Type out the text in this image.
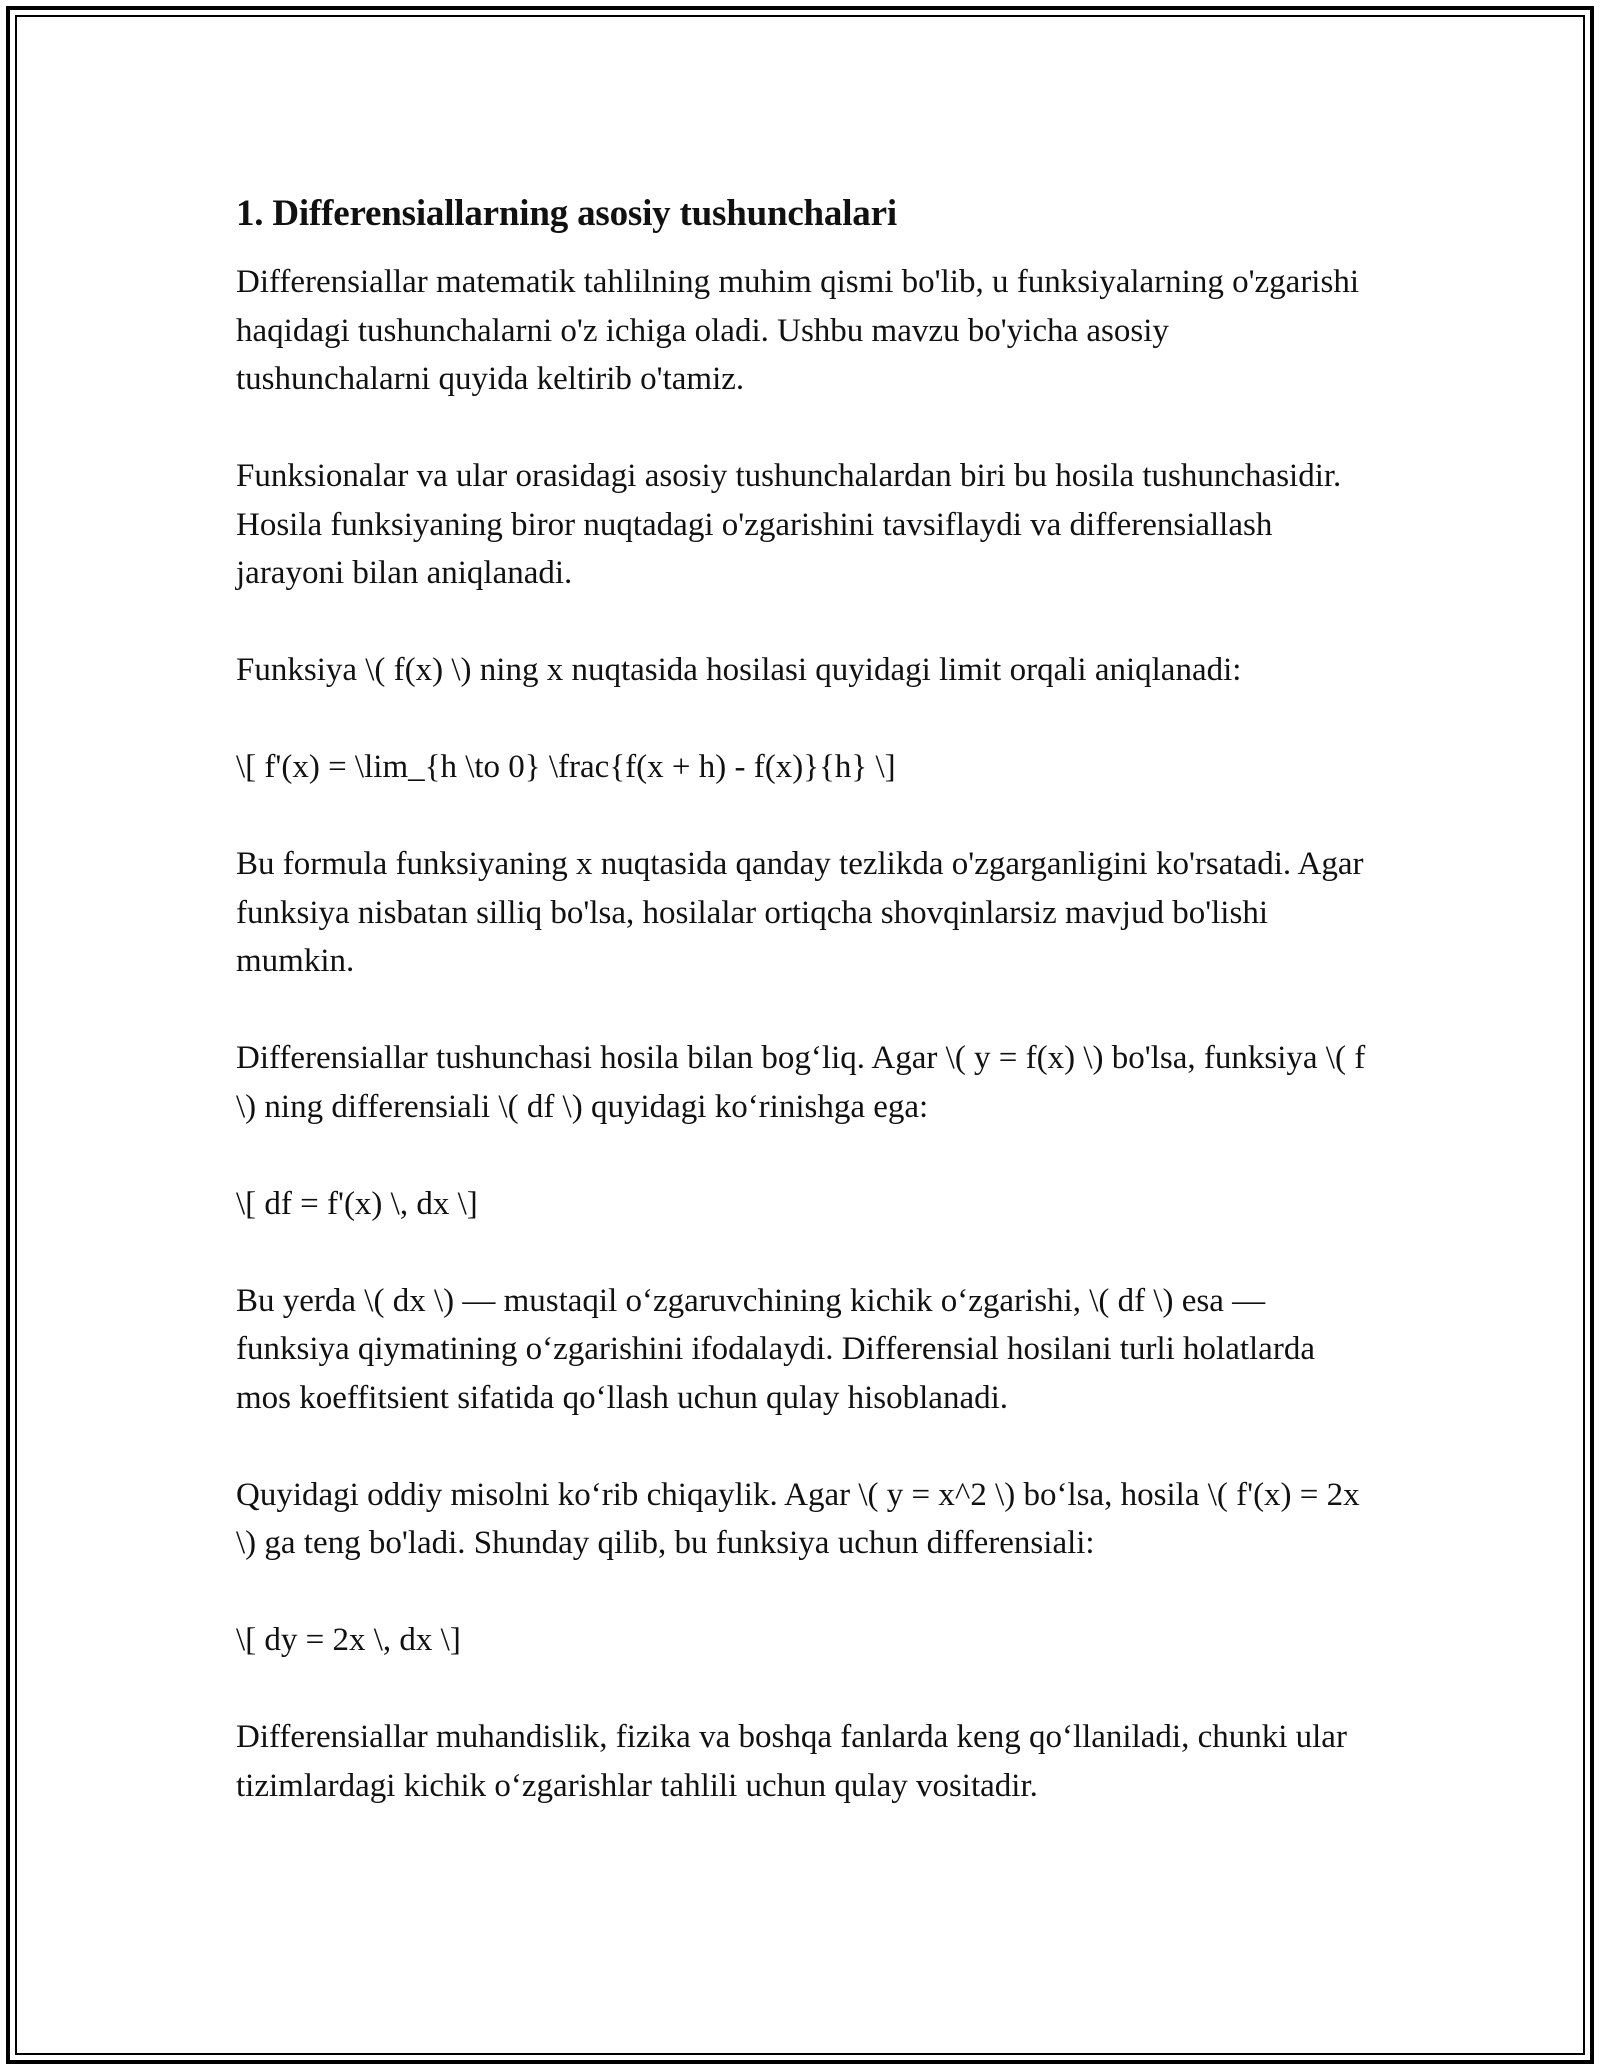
1. Differensiallarning asosiy tushunchalari

Differensiallar matematik tahlilning muhim qismi bo'lib, u funksiyalarning o'zgarishi haqidagi tushunchalarni o'z ichiga oladi. Ushbu mavzu bo'yicha asosiy tushunchalarni quyida keltirib o'tamiz.

Funksionalar va ular orasidagi asosiy tushunchalardan biri bu hosila tushunchasidir. Hosila funksiyaning biror nuqtadagi o'zgarishini tavsiflaydi va differensiallash jarayoni bilan aniqlanadi.

Funksiya \( f(x) \) ning x nuqtasida hosilasi quyidagi limit orqali aniqlanadi:

\[ f'(x) = \lim_{h \to 0} \frac{f(x + h) - f(x)}{h} \]

Bu formula funksiyaning x nuqtasida qanday tezlikda o'zgarganligini ko'rsatadi. Agar funksiya nisbatan silliq bo'lsa, hosilalar ortiqcha shovqinlarsiz mavjud bo'lishi mumkin.

Differensiallar tushunchasi hosila bilan bog‘liq. Agar \( y = f(x) \) bo'lsa, funksiya \( f \) ning differensiali \( df \) quyidagi ko‘rinishga ega:

\[ df = f'(x) \, dx \]

Bu yerda \( dx \) — mustaqil o‘zgaruvchining kichik o‘zgarishi, \( df \) esa — funksiya qiymatining o‘zgarishini ifodalaydi. Differensial hosilani turli holatlarda mos koeffitsient sifatida qo‘llash uchun qulay hisoblanadi.

Quyidagi oddiy misolni ko‘rib chiqaylik. Agar \( y = x^2 \) bo‘lsa, hosila \( f'(x) = 2x \) ga teng bo'ladi. Shunday qilib, bu funksiya uchun differensiali:

\[ dy = 2x \, dx \]

Differensiallar muhandislik, fizika va boshqa fanlarda keng qo‘llaniladi, chunki ular tizimlardagi kichik o‘zgarishlar tahlili uchun qulay vositadir.
